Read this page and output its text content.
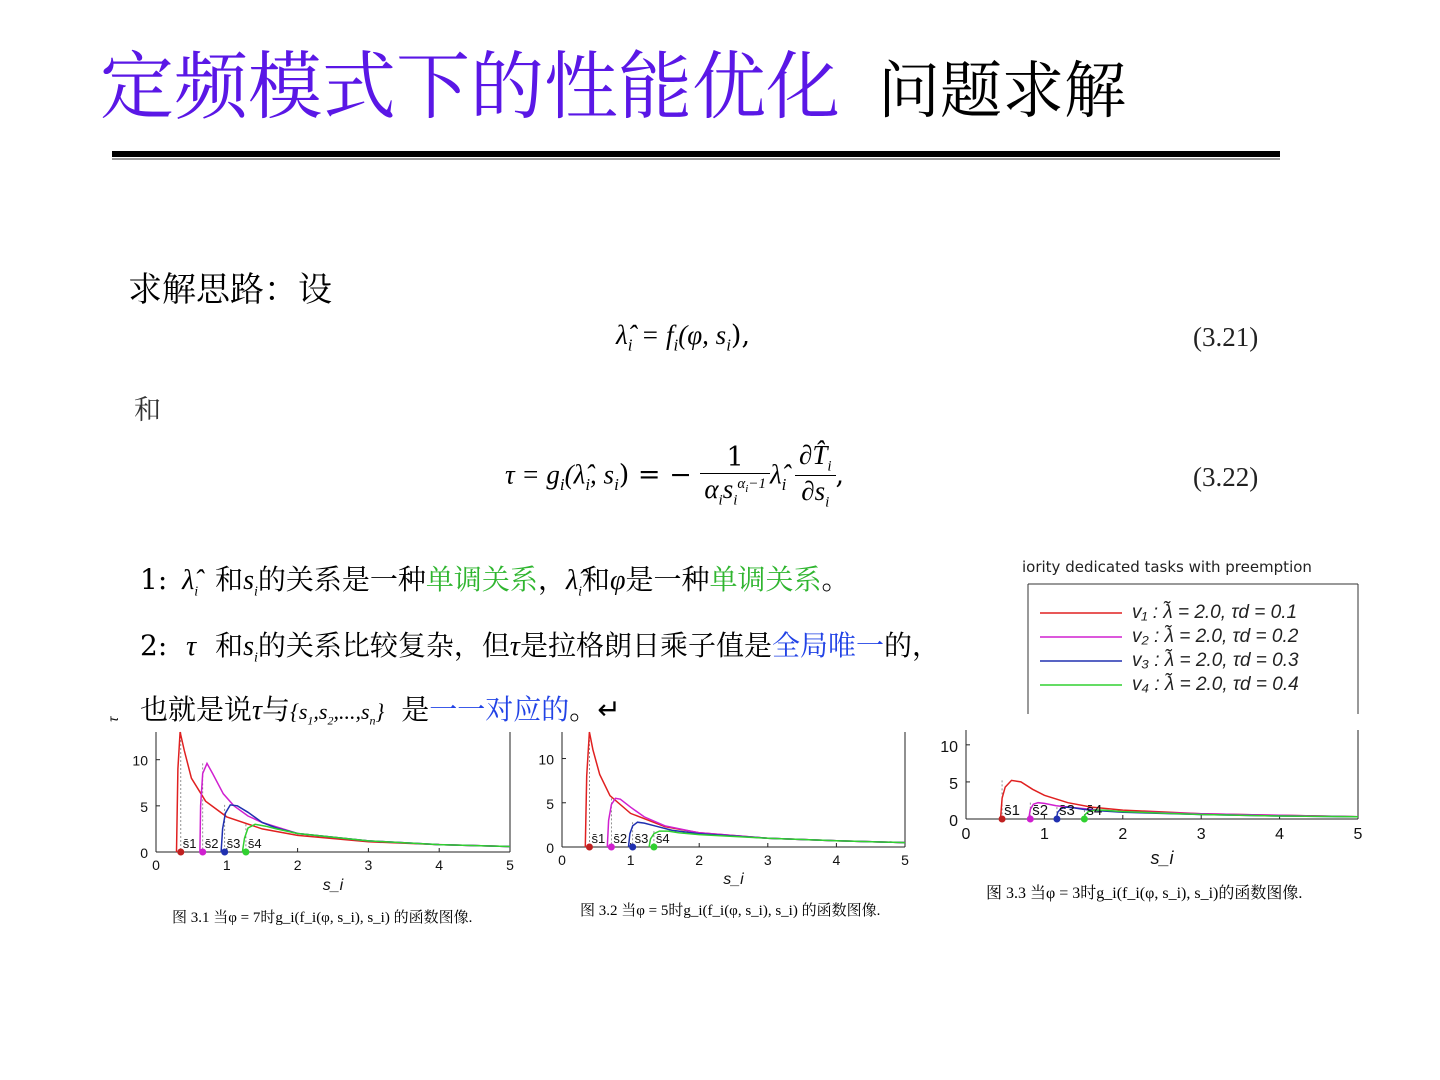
定频模式下的性能优化 问题求解
求解思路：设
$\lambdâ_i = f_i(\varphi$, $s_i$),	(3.21)
和
$\tau = g_i(\lambdâ_i$, $s_i$) = − $\frac{1}{\alpha_is_i^{\alpha_i-1}}$ $\lambdâ_i \frac{\partial T̂_i}{\partial s_i}$ ,	(3.22)
1: $\lambdâ_i$ 和$s_i$的关系是一种单调关系，$\lambdâ_i$和φ是一种单调关系。
2: τ 和$s_i$的关系比较复杂，但τ是拉格朗日乘子值是全局唯一的，
也就是说τ与$\{s_1,s_2,...,s_n\}$ 是一一对应的。↵
iority dedicated tasks with preemption
v₁ : λ̃ = 2.0, τd = 0.1
v₂ : λ̃ = 2.0, τd = 0.2
v₃ : λ̃ = 2.0, τd = 0.3
v₄ : λ̃ = 2.0, τd = 0.4
0	1	2	3	4	5
0
5
10
s̄1 s̄2 s̄3 s̄4
s_i
τ
图 3.1 当φ = 7时g_i(f_i(φ, s_i), s_i) 的函数图像.
0	1	2	3	4	5
0
5
10
s̄1 s̄2 s̄3 s̄4
s_i
图 3.2 当φ = 5时g_i(f_i(φ, s_i), s_i) 的函数图像.
0	1	2	3	4	5
0
5
10
s̄1 s̄2 s̄3 s̄4
s_i
图 3.3 当φ = 3时g_i(f_i(φ, s_i), s_i)的函数图像.
